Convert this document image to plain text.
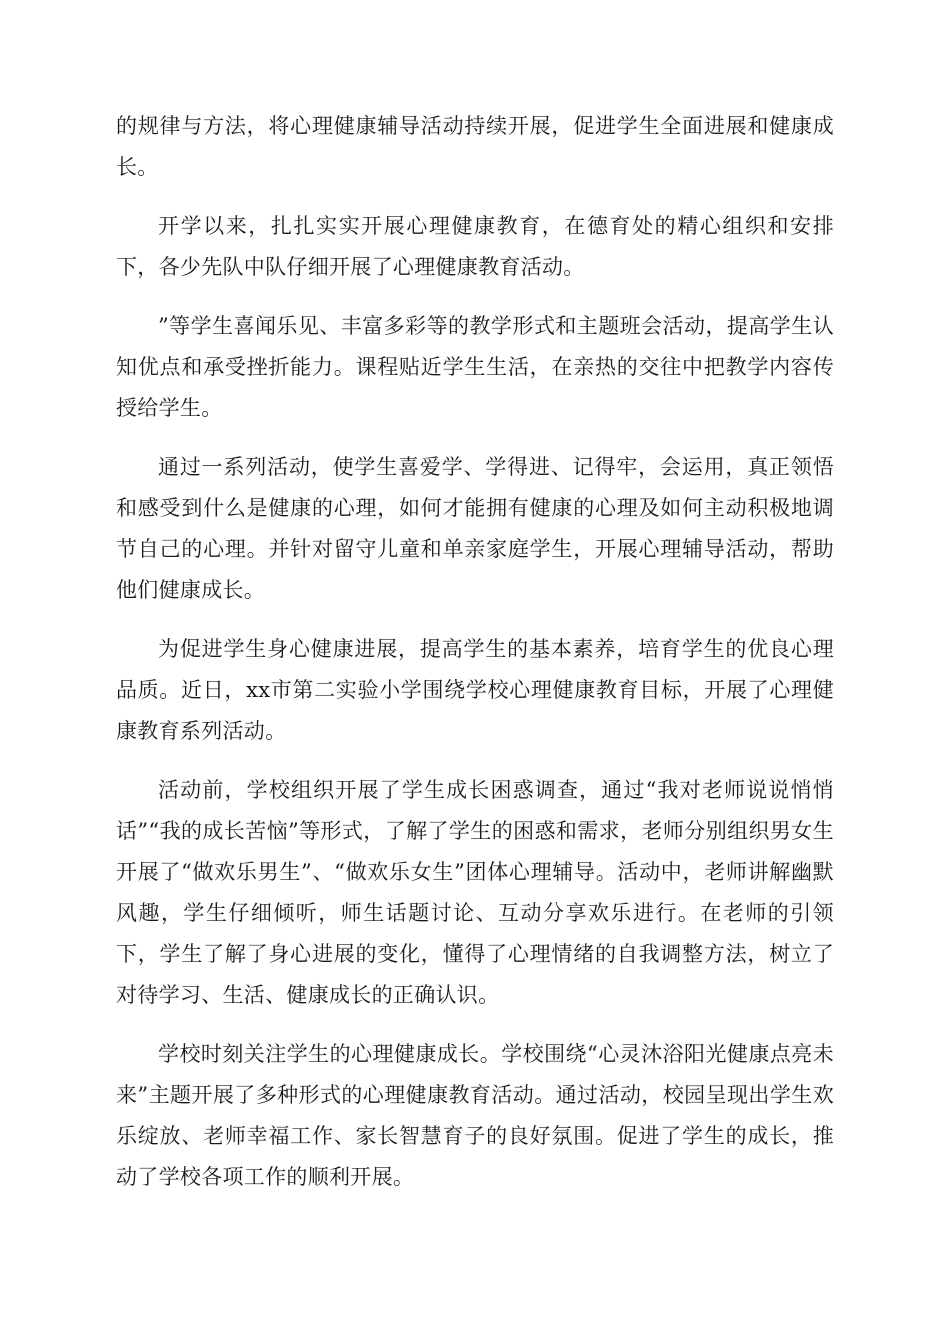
的规律与方法，将心理健康辅导活动持续开展，促进学生全面进展和健康成长。

开学以来，扎扎实实开展心理健康教育，在德育处的精心组织和安排下，各少先队中队仔细开展了心理健康教育活动。

”等学生喜闻乐见、丰富多彩等的教学形式和主题班会活动，提高学生认知优点和承受挫折能力。课程贴近学生生活，在亲热的交往中把教学内容传授给学生。

通过一系列活动，使学生喜爱学、学得进、记得牢，会运用，真正领悟和感受到什么是健康的心理，如何才能拥有健康的心理及如何主动积极地调节自己的心理。并针对留守儿童和单亲家庭学生，开展心理辅导活动，帮助他们健康成长。

为促进学生身心健康进展，提高学生的基本素养，培育学生的优良心理品质。近日，xx市第二实验小学围绕学校心理健康教育目标，开展了心理健康教育系列活动。

活动前，学校组织开展了学生成长困惑调查，通过“我对老师说说悄悄话”“我的成长苦恼”等形式，了解了学生的困惑和需求，老师分别组织男女生开展了“做欢乐男生”、“做欢乐女生”团体心理辅导。活动中，老师讲解幽默风趣，学生仔细倾听，师生话题讨论、互动分享欢乐进行。在老师的引领下，学生了解了身心进展的变化，懂得了心理情绪的自我调整方法，树立了对待学习、生活、健康成长的正确认识。

学校时刻关注学生的心理健康成长。学校围绕“心灵沐浴阳光健康点亮未来”主题开展了多种形式的心理健康教育活动。通过活动，校园呈现出学生欢乐绽放、老师幸福工作、家长智慧育子的良好氛围。促进了学生的成长，推动了学校各项工作的顺利开展。
